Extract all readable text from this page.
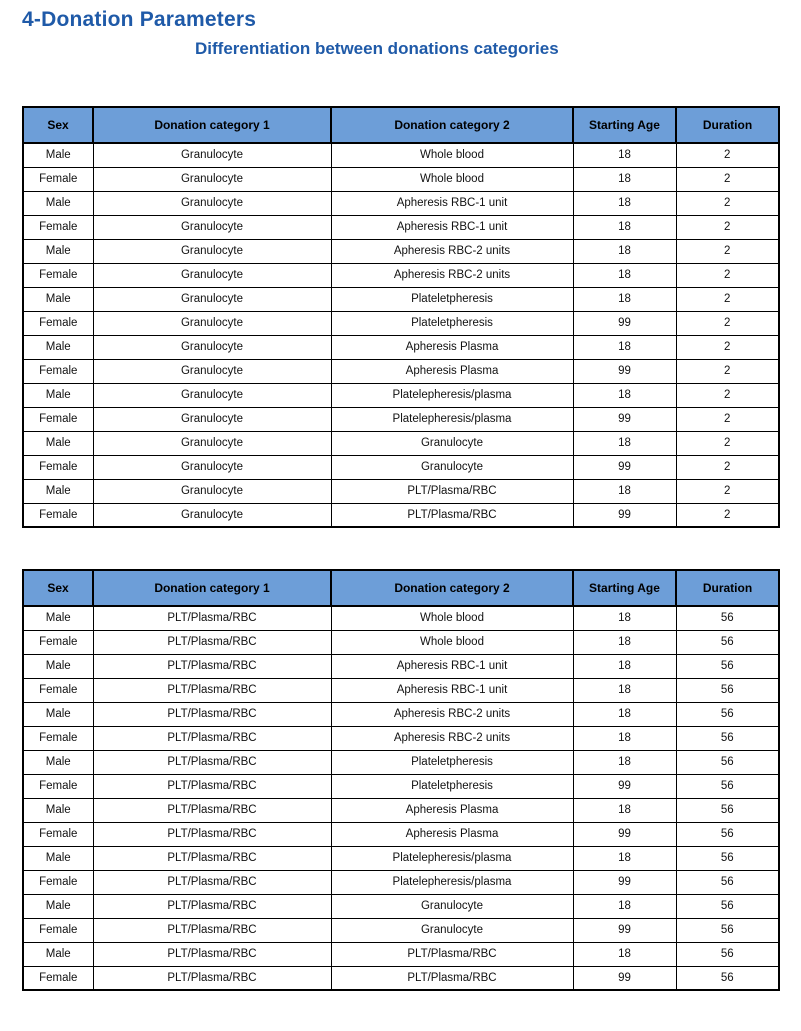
4-Donation Parameters
Differentiation between donations categories
Sex	Donation category 1	Donation category 2	Starting Age	Duration
Male	Granulocyte	Whole blood	18	2
Female	Granulocyte	Whole blood	18	2
Male	Granulocyte	Apheresis RBC-1 unit	18	2
Female	Granulocyte	Apheresis RBC-1 unit	18	2
Male	Granulocyte	Apheresis RBC-2 units	18	2
Female	Granulocyte	Apheresis RBC-2 units	18	2
Male	Granulocyte	Plateletpheresis	18	2
Female	Granulocyte	Plateletpheresis	99	2
Male	Granulocyte	Apheresis Plasma	18	2
Female	Granulocyte	Apheresis Plasma	99	2
Male	Granulocyte	Platelepheresis/plasma	18	2
Female	Granulocyte	Platelepheresis/plasma	99	2
Male	Granulocyte	Granulocyte	18	2
Female	Granulocyte	Granulocyte	99	2
Male	Granulocyte	PLT/Plasma/RBC	18	2
Female	Granulocyte	PLT/Plasma/RBC	99	2
Sex	Donation category 1	Donation category 2	Starting Age	Duration
Male	PLT/Plasma/RBC	Whole blood	18	56
Female	PLT/Plasma/RBC	Whole blood	18	56
Male	PLT/Plasma/RBC	Apheresis RBC-1 unit	18	56
Female	PLT/Plasma/RBC	Apheresis RBC-1 unit	18	56
Male	PLT/Plasma/RBC	Apheresis RBC-2 units	18	56
Female	PLT/Plasma/RBC	Apheresis RBC-2 units	18	56
Male	PLT/Plasma/RBC	Plateletpheresis	18	56
Female	PLT/Plasma/RBC	Plateletpheresis	99	56
Male	PLT/Plasma/RBC	Apheresis Plasma	18	56
Female	PLT/Plasma/RBC	Apheresis Plasma	99	56
Male	PLT/Plasma/RBC	Platelepheresis/plasma	18	56
Female	PLT/Plasma/RBC	Platelepheresis/plasma	99	56
Male	PLT/Plasma/RBC	Granulocyte	18	56
Female	PLT/Plasma/RBC	Granulocyte	99	56
Male	PLT/Plasma/RBC	PLT/Plasma/RBC	18	56
Female	PLT/Plasma/RBC	PLT/Plasma/RBC	99	56
